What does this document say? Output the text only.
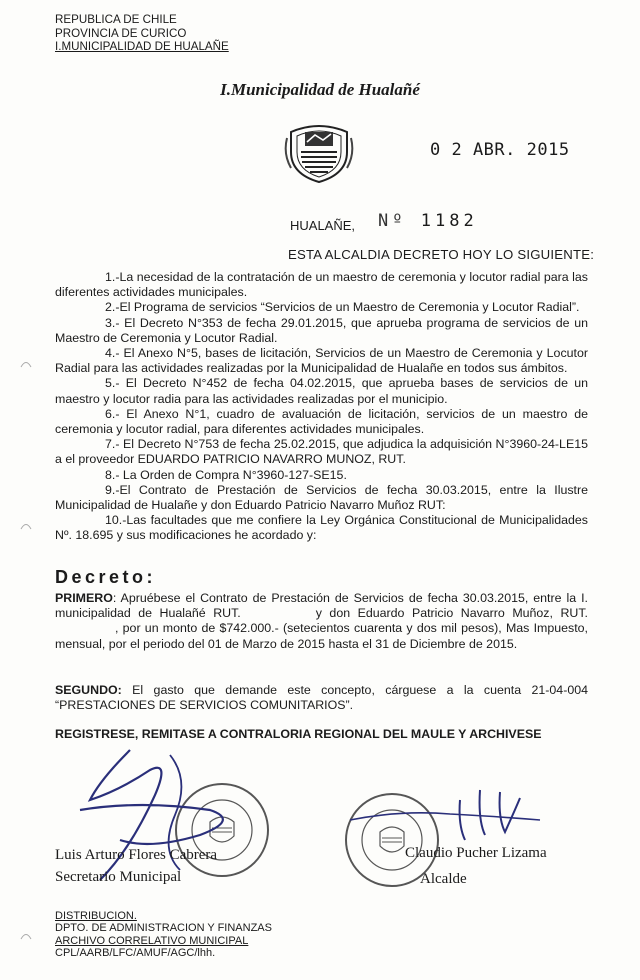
REPUBLICA DE CHILE
PROVINCIA DE CURICO
I.MUNICIPALIDAD DE HUALAÑE
I.Municipalidad de Hualañé
0 2 ABR. 2015
HUALAÑE, Nº 1182
ESTA ALCALDIA DECRETO HOY LO SIGUIENTE:

1.-La necesidad de la contratación de un maestro de ceremonia y locutor radial para las diferentes actividades municipales.

2.-El Programa de servicios “Servicios de un Maestro de Ceremonia y Locutor Radial”.

3.- El Decreto N°353 de fecha 29.01.2015, que aprueba programa de servicios de un Maestro de Ceremonia y Locutor Radial.

4.- El Anexo N°5, bases de licitación, Servicios de un Maestro de Ceremonia y Locutor Radial para las actividades realizadas por la Municipalidad de Hualañe en todos sus ámbitos.

5.- El Decreto N°452 de fecha 04.02.2015, que aprueba bases de servicios de un maestro y locutor radia para las actividades realizadas por el municipio.

6.- El Anexo N°1, cuadro de avaluación de licitación, servicios de un maestro de ceremonia y locutor radial, para diferentes actividades municipales.

7.- El Decreto N°753 de fecha 25.02.2015, que adjudica la adquisición N°3960-24-LE15 a el proveedor EDUARDO PATRICIO NAVARRO MUNOZ, RUT.

8.- La Orden de Compra N°3960-127-SE15.

9.-El Contrato de Prestación de Servicios de fecha 30.03.2015, entre la Ilustre Municipalidad de Hualañe y don Eduardo Patricio Navarro Muñoz RUT:

10.-Las facultades que me confiere la Ley Orgánica Constitucional de Municipalidades Nº. 18.695 y sus modificaciones he acordado y:

Decreto:
PRIMERO: Apruébese el Contrato de Prestación de Servicios de fecha 30.03.2015, entre la I. municipalidad de Hualañé RUT.	y don Eduardo Patricio Navarro Muñoz, RUT. , por un monto de $742.000.- (setecientos cuarenta y dos mil pesos), Mas Impuesto, mensual, por el periodo del 01 de Marzo de 2015 hasta el 31 de Diciembre de 2015.
SEGUNDO: El gasto que demande este concepto, cárguese a la cuenta 21-04-004 “PRESTACIONES DE SERVICIOS COMUNITARIOS”.
REGISTRESE, REMITASE A CONTRALORIA REGIONAL DEL MAULE Y ARCHIVESE
Luis Arturo Flores Cabrera
Secretario Municipal
Claudio Pucher Lizama
Alcalde
DISTRIBUCION.
DPTO. DE ADMINISTRACION Y FINANZAS
ARCHIVO CORRELATIVO MUNICIPAL
CPL/AARB/LFC/AMUF/AGC/lhh.
